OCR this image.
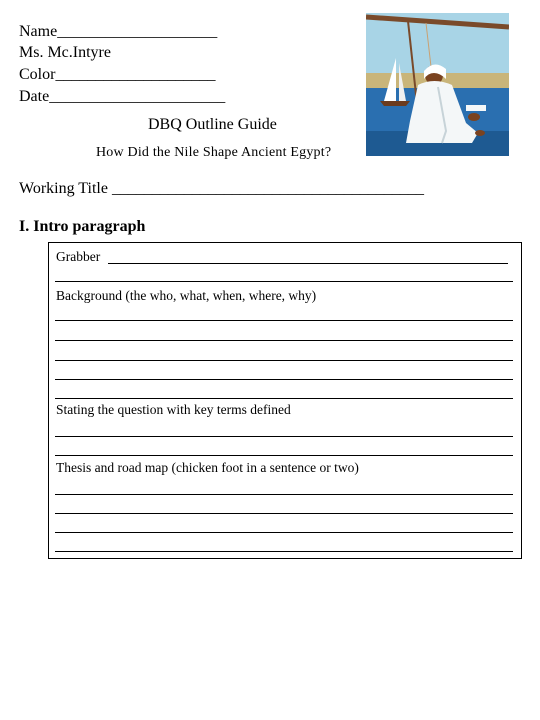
Name____________________
Ms. Mc.Intyre
Color____________________
Date______________________
DBQ Outline Guide
How Did the Nile Shape Ancient Egypt?
Working Title _______________________________________
I. Intro paragraph
Grabber
Background (the who, what, when, where, why)
Stating the question with key terms defined
Thesis and road map (chicken foot in a sentence or two)
